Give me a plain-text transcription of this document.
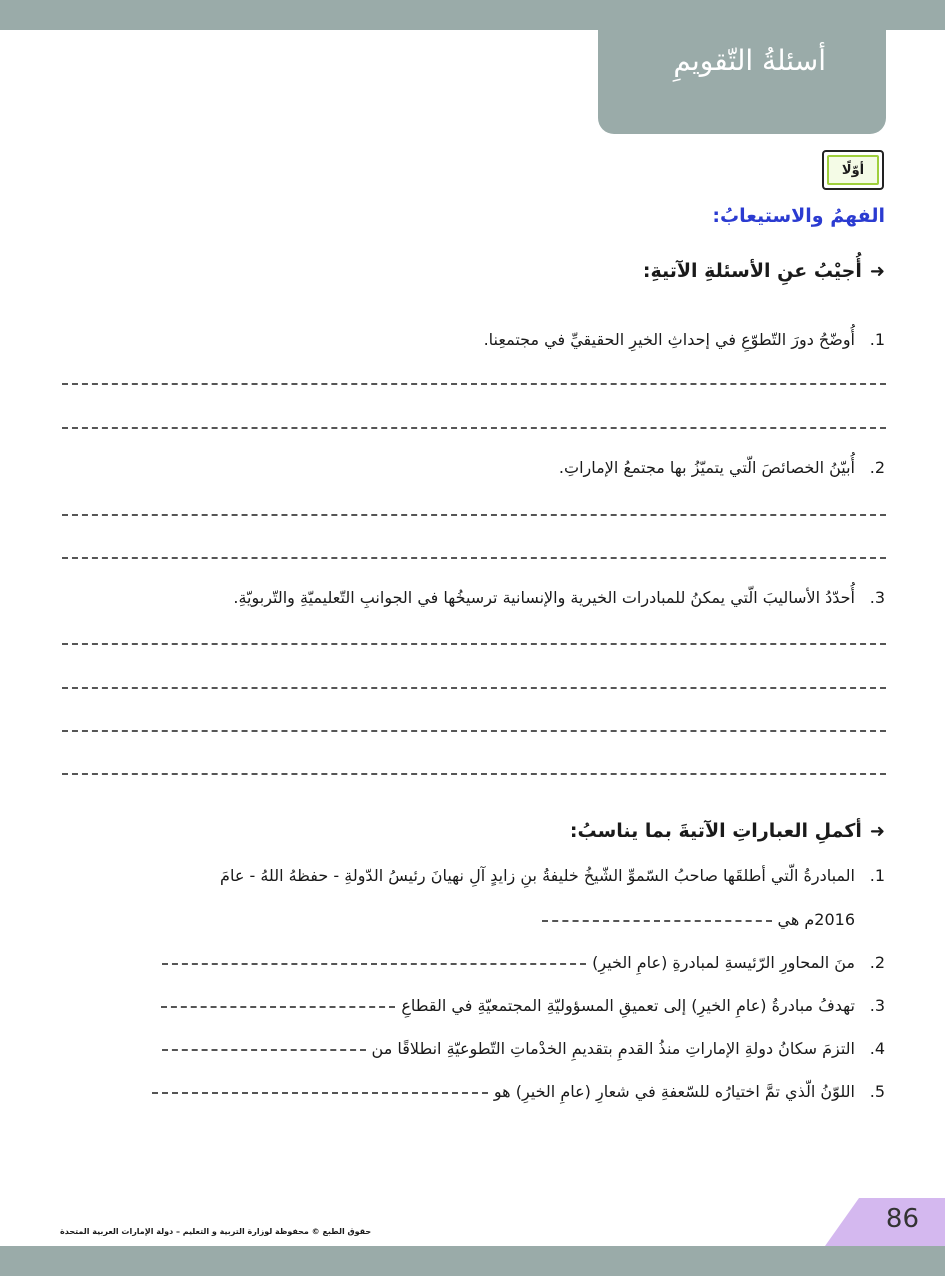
أسئلةُ التّقويمِ
أوّلًا
الفهمُ والاستيعابُ:
➜أُجيْبُ عنِ الأسئلةِ الآتيةِ:
1.أُوضّحُ دورَ التّطوّعِ في إحداثِ الخيرِ الحقيقيِّ في مجتمعِنا.
2.أُبيّنُ الخصائصَ الّتي يتميّزُ بها مجتمعُ الإماراتِ.
3.أُحدّدُ الأساليبَ الّتي يمكنُ للمبادرات الخيرية والإنسانية ترسيخُها في الجوانبِ التّعليميّةِ والتّربويّةِ.
➜أكملِ العباراتِ الآتيةَ بما يناسبُ:
1.المبادرةُ الّتي أطلقَها صاحبُ السّموِّ الشّيخُ خليفةُ بنِ زايدٍ آلِ نهيانَ رئيسُ الدّولةِ - حفظهُ اللهُ - عامَ
2016م هي
2.منَ المحاورِ الرّئيسةِ لمبادرةِ (عامِ الخيرِ)
3.تهدفُ مبادرةُ (عامِ الخيرِ) إلى تعميقِ المسؤوليّةِ المجتمعيّةِ في القطاعِ
4.التزمَ سكانُ دولةِ الإماراتِ منذُ القدمِ بتقديمِ الخدْماتِ التّطوعيّةِ انطلاقًا من
5.اللوّنُ الّذي تمَّ اختيارُه للسّعفةِ في شعارِ (عامِ الخيرِ) هو
حقوق الطبع © محفوظة لوزارة التربية و التعليم – دولة الإمارات العربية المتحدة	86
